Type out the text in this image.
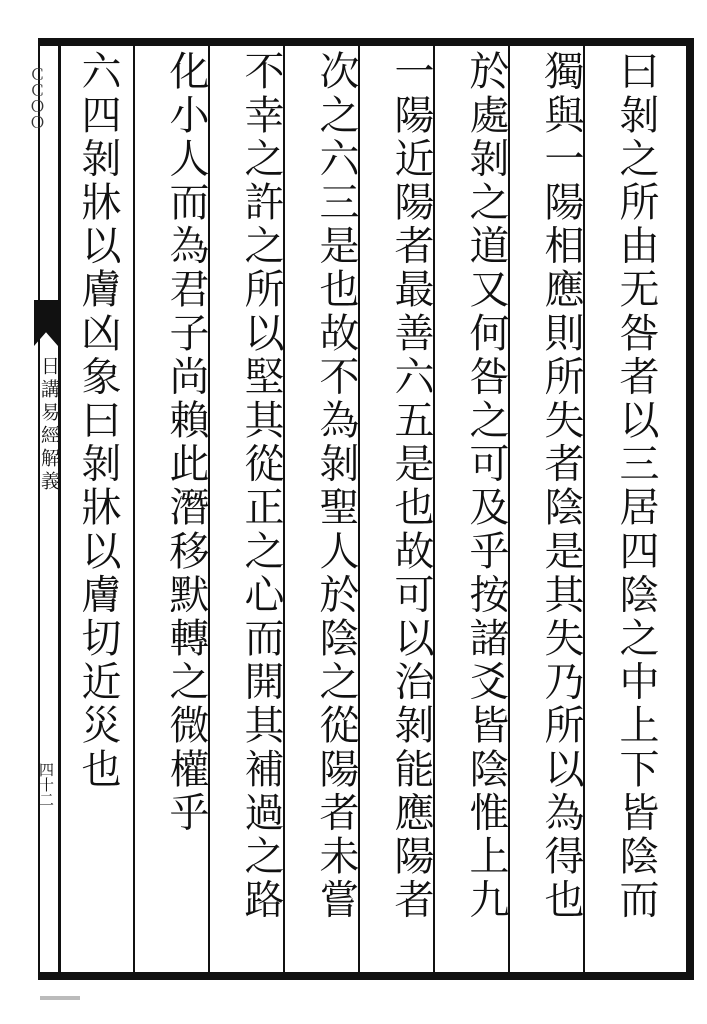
ＣＣＯＯ
日講易經解義
四十二	曰剝之所由无咎者以三居四陰之中上下皆陰而
獨與一陽相應則所失者陰是其失乃所以為得也
於處剝之道又何咎之可及乎按諸爻皆陰惟上九
一陽近陽者最善六五是也故可以治剝能應陽者
次之六三是也故不為剝聖人於陰之從陽者未嘗
不幸之許之所以堅其從正之心而開其補過之路
化小人而為君子尚賴此潛移默轉之微權乎
六四剝牀以膚凶象曰剝牀以膚切近災也
